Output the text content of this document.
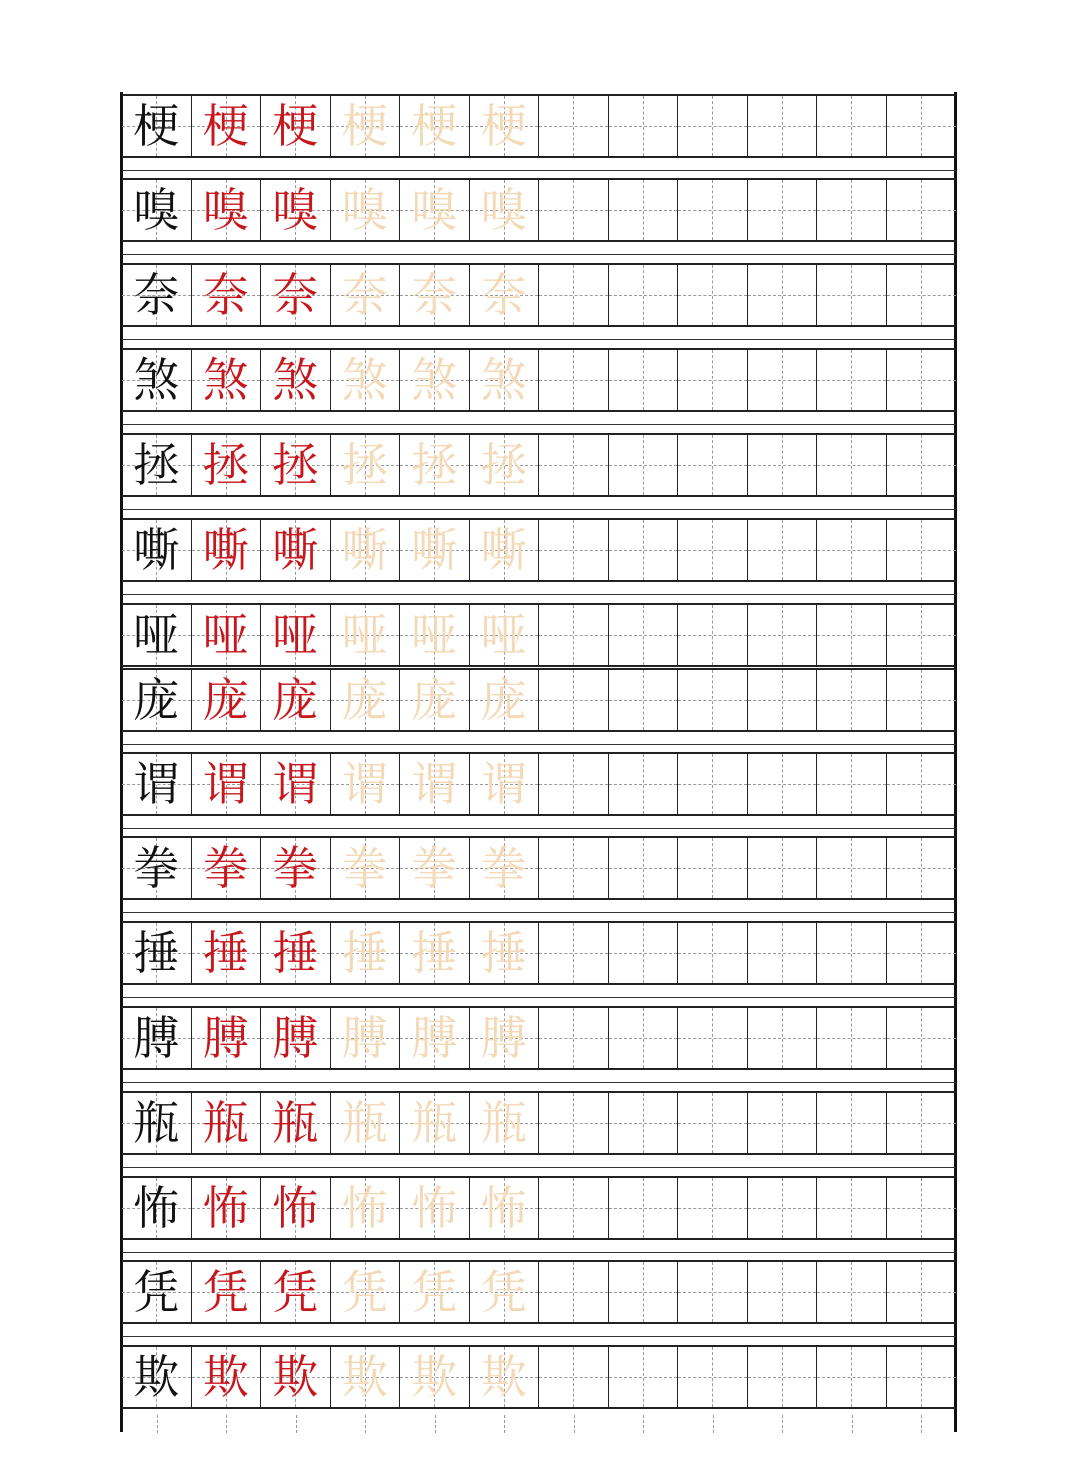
梗 梗 梗 梗 梗 梗
嗅 嗅 嗅 嗅 嗅 嗅
奈 奈 奈 奈 奈 奈
煞 煞 煞 煞 煞 煞
拯 拯 拯 拯 拯 拯
嘶 嘶 嘶 嘶 嘶 嘶
哑 哑 哑 哑 哑 哑
庞 庞 庞 庞 庞 庞
谓 谓 谓 谓 谓 谓
拳 拳 拳 拳 拳 拳
捶 捶 捶 捶 捶 捶
膊 膊 膊 膊 膊 膊
瓶 瓶 瓶 瓶 瓶 瓶
怖 怖 怖 怖 怖 怖
凭 凭 凭 凭 凭 凭
欺 欺 欺 欺 欺 欺
